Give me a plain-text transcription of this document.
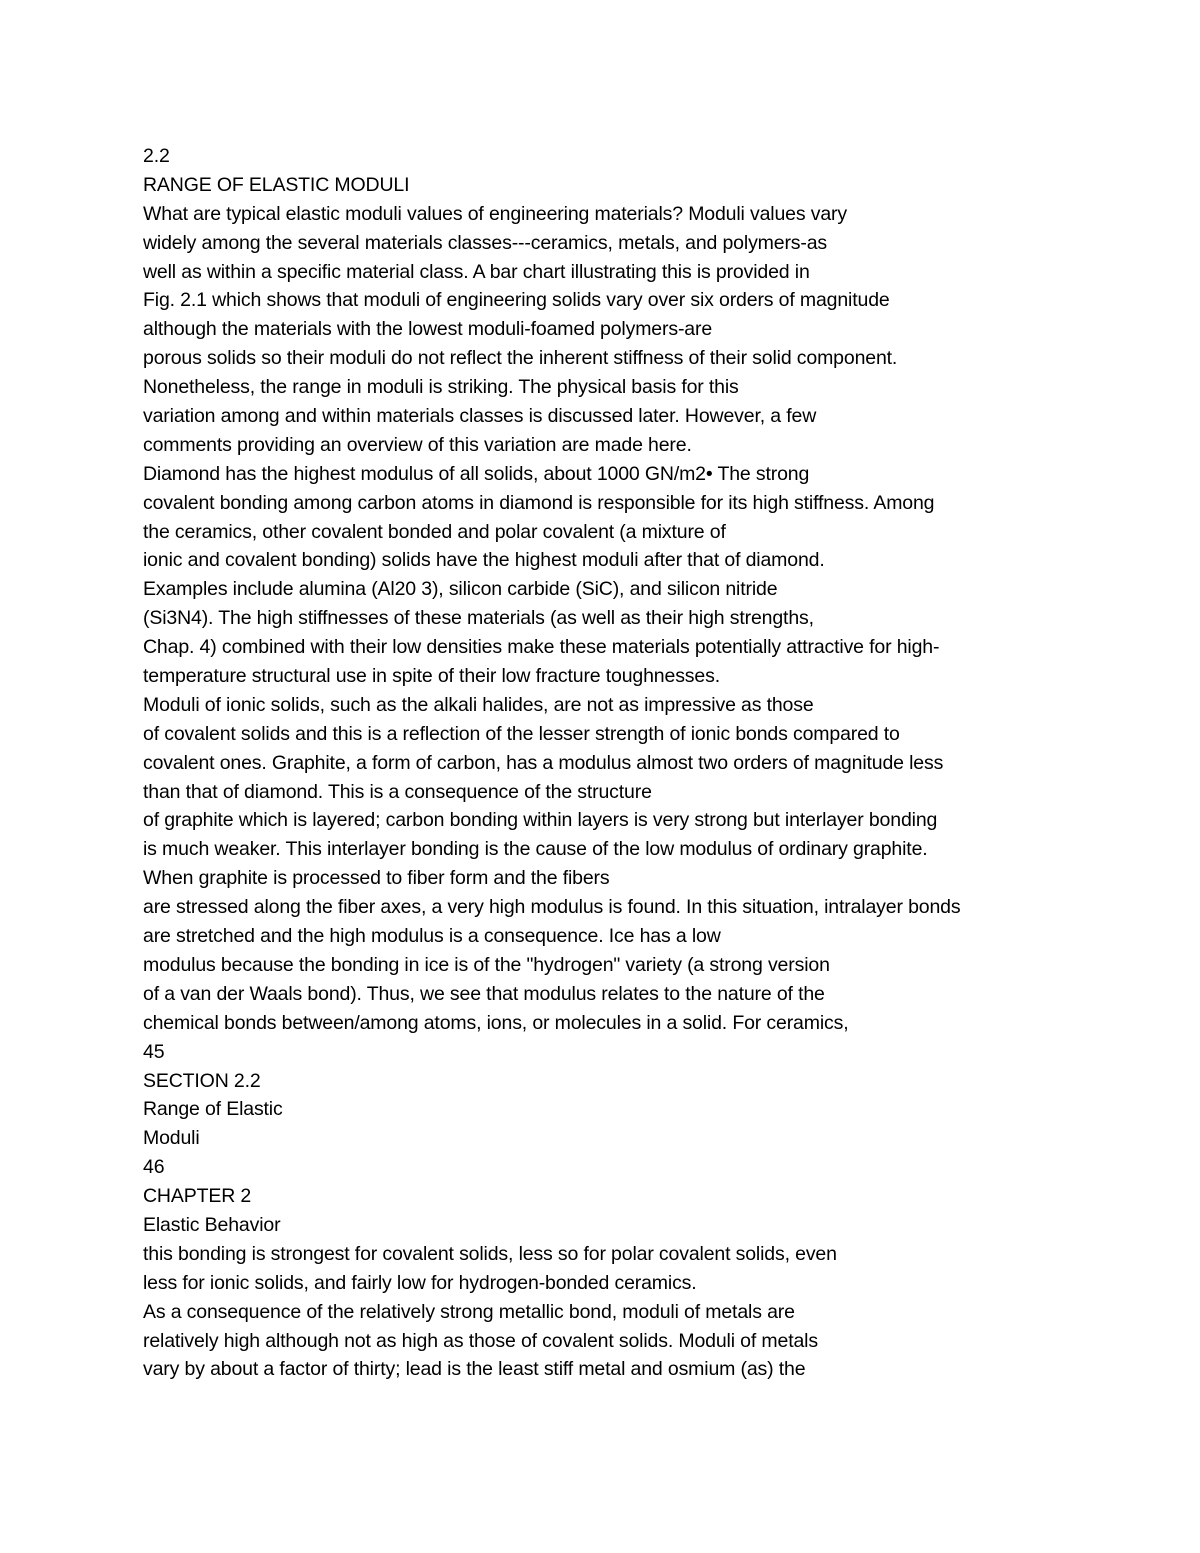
2.2
RANGE OF ELASTIC MODULI
What are typical elastic moduli values of engineering materials? Moduli values vary
widely among the several materials classes---ceramics, metals, and polymers-as
well as within a specific material class. A bar chart illustrating this is provided in
Fig. 2.1 which shows that moduli of engineering solids vary over six orders of magnitude
although the materials with the lowest moduli-foamed polymers-are
porous solids so their moduli do not reflect the inherent stiffness of their solid component.
Nonetheless, the range in moduli is striking. The physical basis for this
variation among and within materials classes is discussed later. However, a few
comments providing an overview of this variation are made here.
Diamond has the highest modulus of all solids, about 1000 GN/m2• The strong
covalent bonding among carbon atoms in diamond is responsible for its high stiffness. Among
the ceramics, other covalent bonded and polar covalent (a mixture of
ionic and covalent bonding) solids have the highest moduli after that of diamond.
Examples include alumina (Al20 3), silicon carbide (SiC), and silicon nitride
(Si3N4). The high stiffnesses of these materials (as well as their high strengths,
Chap. 4) combined with their low densities make these materials potentially attractive for high-
temperature structural use in spite of their low fracture toughnesses.
Moduli of ionic solids, such as the alkali halides, are not as impressive as those
of covalent solids and this is a reflection of the lesser strength of ionic bonds compared to
covalent ones. Graphite, a form of carbon, has a modulus almost two orders of magnitude less
than that of diamond. This is a consequence of the structure
of graphite which is layered; carbon bonding within layers is very strong but interlayer bonding
is much weaker. This interlayer bonding is the cause of the low modulus of ordinary graphite.
When graphite is processed to fiber form and the fibers
are stressed along the fiber axes, a very high modulus is found. In this situation, intralayer bonds
are stretched and the high modulus is a consequence. Ice has a low
modulus because the bonding in ice is of the "hydrogen" variety (a strong version
of a van der Waals bond). Thus, we see that modulus relates to the nature of the
chemical bonds between/among atoms, ions, or molecules in a solid. For ceramics,
45
SECTION 2.2
Range of Elastic
Moduli
46
CHAPTER 2
Elastic Behavior
this bonding is strongest for covalent solids, less so for polar covalent solids, even
less for ionic solids, and fairly low for hydrogen-bonded ceramics.
As a consequence of the relatively strong metallic bond, moduli of metals are
relatively high although not as high as those of covalent solids. Moduli of metals
vary by about a factor of thirty; lead is the least stiff metal and osmium (as) the
